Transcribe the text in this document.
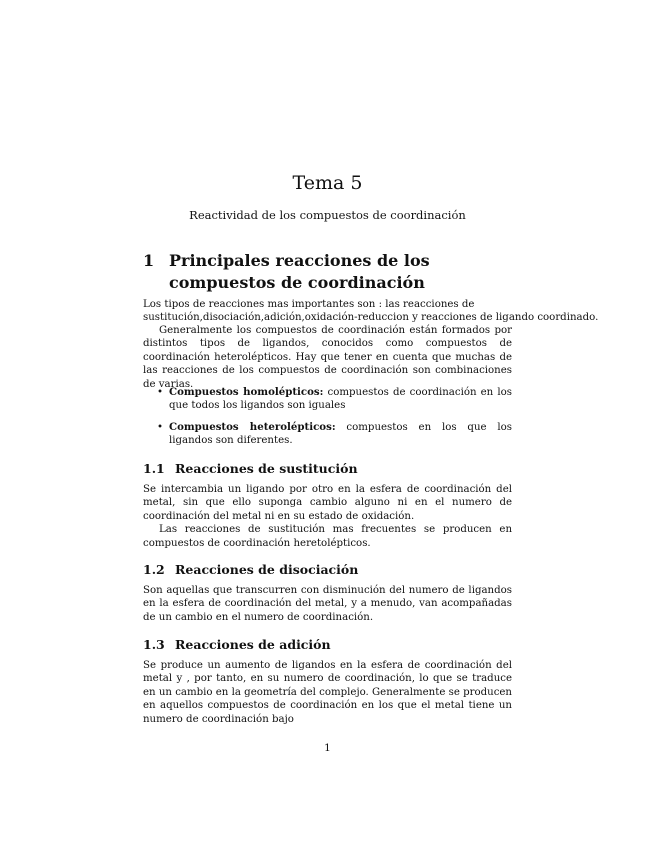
Tema 5
Reactividad de los compuestos de coordinación
1 Principales reacciones de los compuestos de coordinación

Los tipos de reacciones mas importantes son : las reacciones de sustitución,disociación,adición,oxidación-reduccion y reacciones de ligando coordinado.

Generalmente los compuestos de coordinación están formados por distintos tipos de ligandos, conocidos como compuestos de coordinación heterolépticos. Hay que tener en cuenta que muchas de las reacciones de los compuestos de coordinación son combinaciones de varias.

• Compuestos homolépticos: compuestos de coordinación en los que todos los ligandos son iguales
• Compuestos heterolépticos: compuestos en los que los ligandos son diferentes.
1.1 Reacciones de sustitución

Se intercambia un ligando por otro en la esfera de coordinación del metal, sin que ello suponga cambio alguno ni en el numero de coordinación del metal ni en su estado de oxidación.

Las reacciones de sustitución mas frecuentes se producen en compuestos de coordinación heretolépticos.

1.2 Reacciones de disociación

Son aquellas que transcurren con disminución del numero de ligandos en la esfera de coordinación del metal, y a menudo, van acompañadas de un cambio en el numero de coordinación.

1.3 Reacciones de adición

Se produce un aumento de ligandos en la esfera de coordinación del metal y , por tanto, en su numero de coordinación, lo que se traduce en un cambio en la geometría del complejo. Generalmente se producen en aquellos compuestos de coordinación en los que el metal tiene un numero de coordinación bajo

1
